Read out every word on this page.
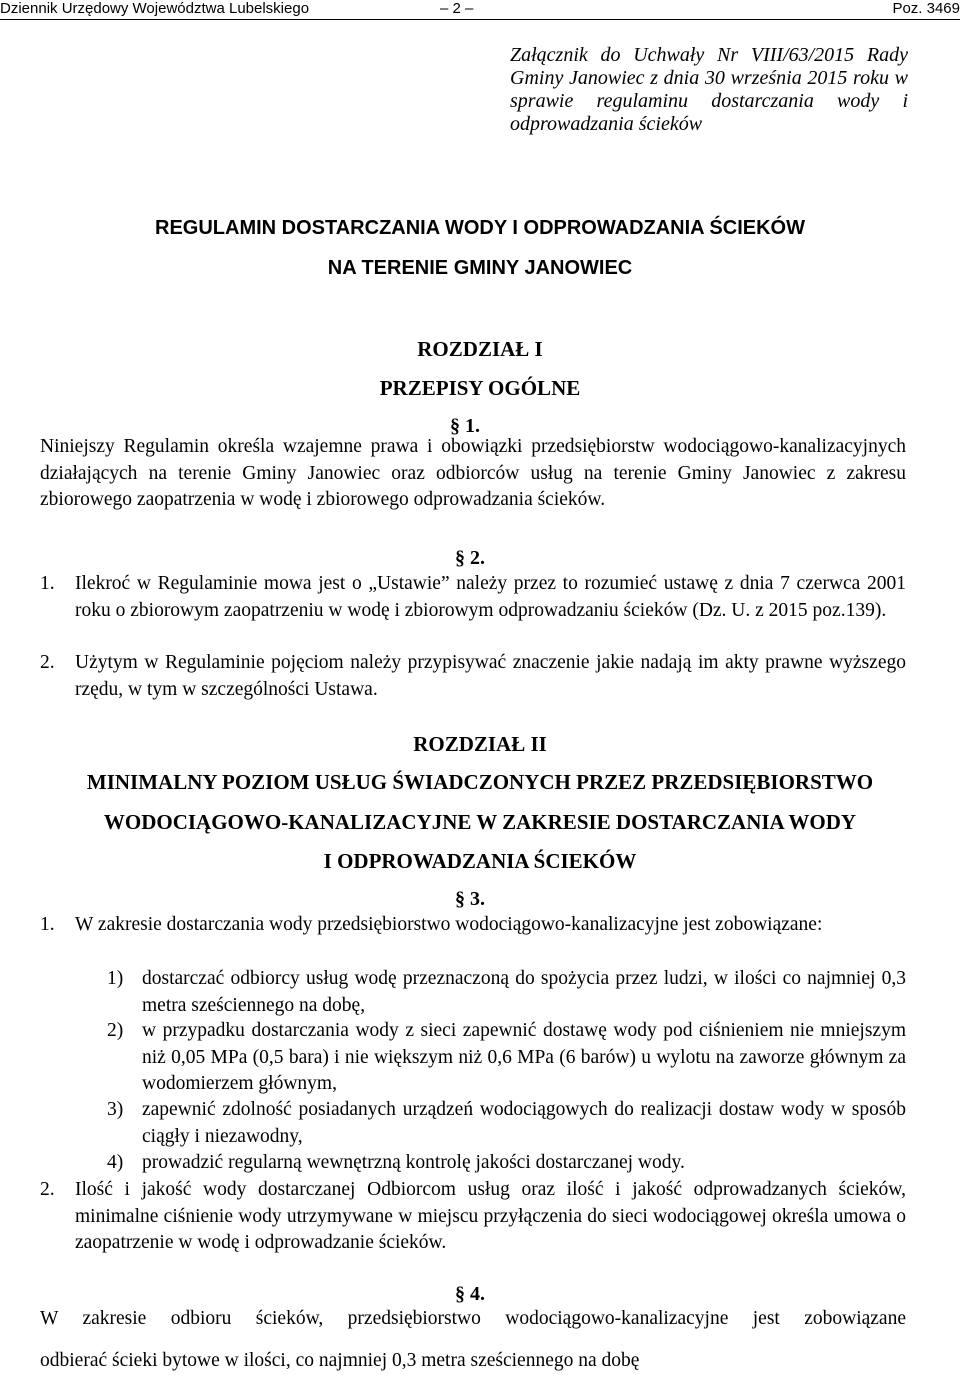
Dziennik Urzędowy Województwa Lubelskiego	– 2 –	Poz. 3469
Załącznik do Uchwały Nr VIII/63/2015 Rady Gminy Janowiec z dnia 30 września 2015 roku w sprawie regulaminu dostarczania wody i odprowadzania ścieków
REGULAMIN DOSTARCZANIA WODY I ODPROWADZANIA ŚCIEKÓW
NA TERENIE GMINY JANOWIEC
ROZDZIAŁ I
PRZEPISY OGÓLNE
§ 1.
Niniejszy Regulamin określa wzajemne prawa i obowiązki przedsiębiorstw wodociągowo-kanalizacyjnych działających na terenie Gminy Janowiec oraz odbiorców usług na terenie Gminy Janowiec z zakresu zbiorowego zaopatrzenia w wodę i zbiorowego odprowadzania ścieków.
§ 2.
1. Ilekroć w Regulaminie mowa jest o „Ustawie” należy przez to rozumieć ustawę z dnia 7 czerwca 2001 roku o zbiorowym zaopatrzeniu w wodę i zbiorowym odprowadzaniu ścieków (Dz. U. z 2015 poz.139).
2. Użytym w Regulaminie pojęciom należy przypisywać znaczenie jakie nadają im akty prawne wyższego rzędu, w tym w szczególności Ustawa.
ROZDZIAŁ II
MINIMALNY POZIOM USŁUG ŚWIADCZONYCH PRZEZ PRZEDSIĘBIORSTWO
WODOCIĄGOWO-KANALIZACYJNE W ZAKRESIE DOSTARCZANIA WODY
I ODPROWADZANIA ŚCIEKÓW
§ 3.
1.	W zakresie dostarczania wody przedsiębiorstwo wodociągowo-kanalizacyjne jest zobowiązane:
1) dostarczać odbiorcy usług wodę przeznaczoną do spożycia przez ludzi, w ilości co najmniej 0,3 metra sześciennego na dobę,
2) w przypadku dostarczania wody z sieci zapewnić dostawę wody pod ciśnieniem nie mniejszym niż 0,05 MPa (0,5 bara) i nie większym niż 0,6 MPa (6 barów) u wylotu na zaworze głównym za wodomierzem głównym,
3) zapewnić zdolność posiadanych urządzeń wodociągowych do realizacji dostaw wody w sposób ciągły i niezawodny,
4) prowadzić regularną wewnętrzną kontrolę jakości dostarczanej wody.
2. Ilość i jakość wody dostarczanej Odbiorcom usług oraz ilość i jakość odprowadzanych ścieków, minimalne ciśnienie wody utrzymywane w miejscu przyłączenia do sieci wodociągowej określa umowa o zaopatrzenie w wodę i odprowadzanie ścieków.
§ 4.
W zakresie odbioru ścieków, przedsiębiorstwo wodociągowo-kanalizacyjne jest zobowiązane
odbierać ścieki bytowe w ilości, co najmniej 0,3 metra sześciennego na dobę
